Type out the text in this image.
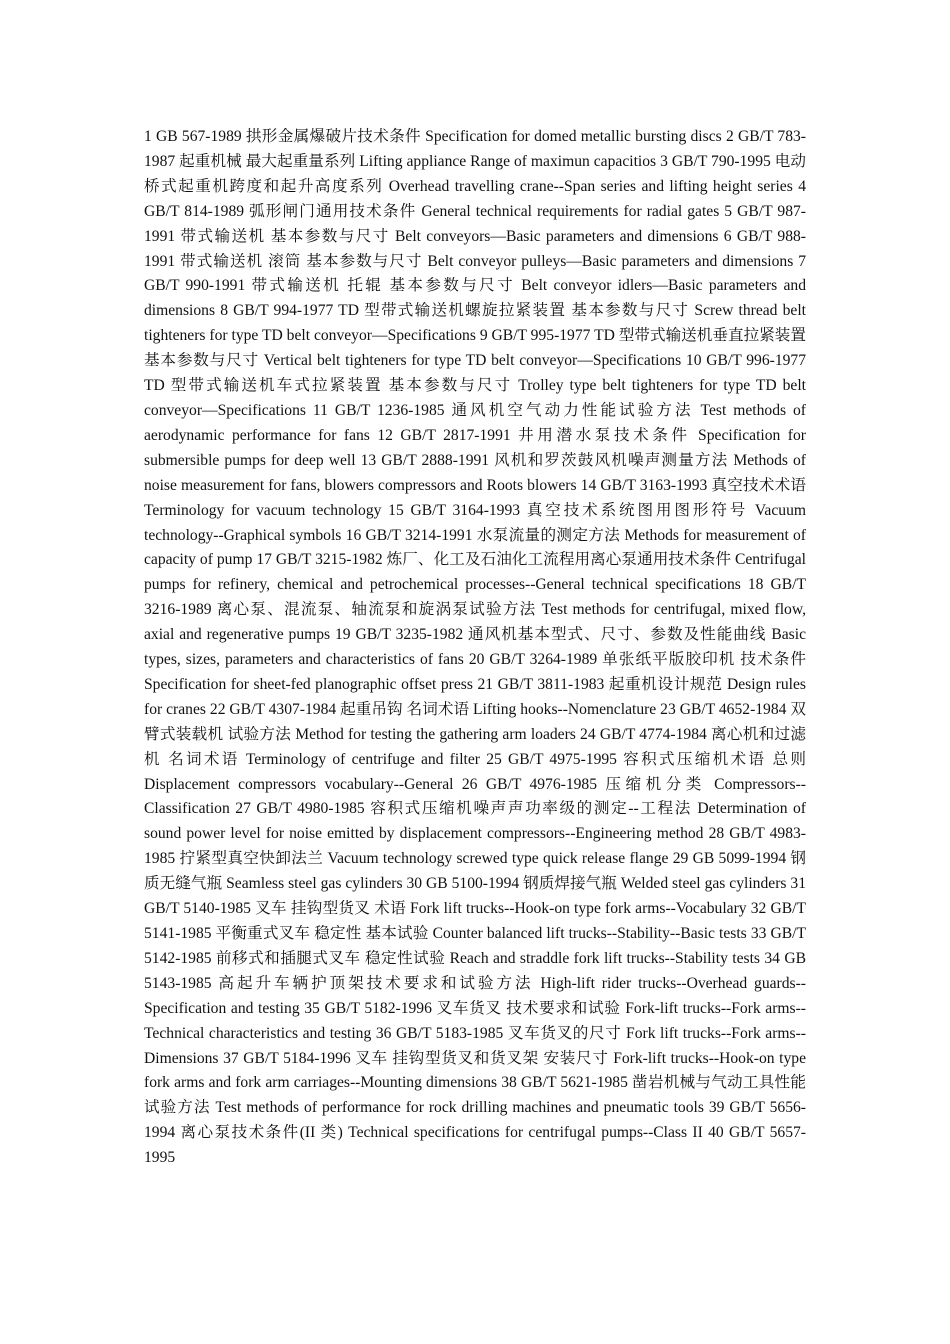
1 GB 567-1989 拱形金属爆破片技术条件 Specification for domed metallic bursting discs 2 GB/T 783-1987 起重机械 最大起重量系列 Lifting appliance Range of maximun capacitios 3 GB/T 790-1995 电动桥式起重机跨度和起升高度系列 Overhead travelling crane--Span series and lifting height series 4 GB/T 814-1989 弧形闸门通用技术条件 General technical requirements for radial gates 5 GB/T 987-1991 带式输送机 基本参数与尺寸 Belt conveyors—Basic parameters and dimensions 6 GB/T 988-1991 带式输送机 滚筒 基本参数与尺寸 Belt conveyor pulleys—Basic parameters and dimensions 7 GB/T 990-1991 带式输送机 托辊 基本参数与尺寸 Belt conveyor idlers—Basic parameters and dimensions 8 GB/T 994-1977 TD 型带式输送机螺旋拉紧装置 基本参数与尺寸 Screw thread belt tighteners for type TD belt conveyor—Specifications 9 GB/T 995-1977 TD 型带式输送机垂直拉紧装置 基本参数与尺寸 Vertical belt tighteners for type TD belt conveyor—Specifications 10 GB/T 996-1977 TD 型带式输送机车式拉紧装置 基本参数与尺寸 Trolley type belt tighteners for type TD belt conveyor—Specifications 11 GB/T 1236-1985 通风机空气动力性能试验方法 Test methods of aerodynamic performance for fans 12 GB/T 2817-1991 井用潜水泵技术条件 Specification for submersible pumps for deep well 13 GB/T 2888-1991 风机和罗茨鼓风机噪声测量方法 Methods of noise measurement for fans, blowers compressors and Roots blowers 14 GB/T 3163-1993 真空技术术语 Terminology for vacuum technology 15 GB/T 3164-1993 真空技术系统图用图形符号 Vacuum technology--Graphical symbols 16 GB/T 3214-1991 水泵流量的测定方法 Methods for measurement of capacity of pump 17 GB/T 3215-1982 炼厂、化工及石油化工流程用离心泵通用技术条件 Centrifugal pumps for refinery, chemical and petrochemical processes--General technical specifications 18 GB/T 3216-1989 离心泵、混流泵、轴流泵和旋涡泵试验方法 Test methods for centrifugal, mixed flow, axial and regenerative pumps 19 GB/T 3235-1982 通风机基本型式、尺寸、参数及性能曲线 Basic types, sizes, parameters and characteristics of fans 20 GB/T 3264-1989 单张纸平版胶印机 技术条件 Specification for sheet-fed planographic offset press 21 GB/T 3811-1983 起重机设计规范 Design rules for cranes 22 GB/T 4307-1984 起重吊钩 名词术语 Lifting hooks--Nomenclature 23 GB/T 4652-1984 双臂式装载机 试验方法 Method for testing the gathering arm loaders 24 GB/T 4774-1984 离心机和过滤机 名词术语 Terminology of centrifuge and filter 25 GB/T 4975-1995 容积式压缩机术语 总则 Displacement compressors vocabulary--General 26 GB/T 4976-1985 压缩机分类 Compressors--Classification 27 GB/T 4980-1985 容积式压缩机噪声声功率级的测定--工程法 Determination of sound power level for noise emitted by displacement compressors--Engineering method 28 GB/T 4983-1985 拧紧型真空快卸法兰 Vacuum technology screwed type quick release flange 29 GB 5099-1994 钢质无缝气瓶 Seamless steel gas cylinders 30 GB 5100-1994 钢质焊接气瓶 Welded steel gas cylinders 31 GB/T 5140-1985 叉车 挂钩型货叉 术语 Fork lift trucks--Hook-on type fork arms--Vocabulary 32 GB/T 5141-1985 平衡重式叉车 稳定性 基本试验 Counter balanced lift trucks--Stability--Basic tests 33 GB/T 5142-1985 前移式和插腿式叉车 稳定性试验 Reach and straddle fork lift trucks--Stability tests 34 GB 5143-1985 高起升车辆护顶架技术要求和试验方法 High-lift rider trucks--Overhead guards--Specification and testing 35 GB/T 5182-1996 叉车货叉 技术要求和试验 Fork-lift trucks--Fork arms--Technical characteristics and testing 36 GB/T 5183-1985 叉车货叉的尺寸 Fork lift trucks--Fork arms--Dimensions 37 GB/T 5184-1996 叉车 挂钩型货叉和货叉架 安装尺寸 Fork-lift trucks--Hook-on type fork arms and fork arm carriages--Mounting dimensions 38 GB/T 5621-1985 凿岩机械与气动工具性能试验方法 Test methods of performance for rock drilling machines and pneumatic tools 39 GB/T 5656-1994 离心泵技术条件(II 类) Technical specifications for centrifugal pumps--Class II 40 GB/T 5657-1995
